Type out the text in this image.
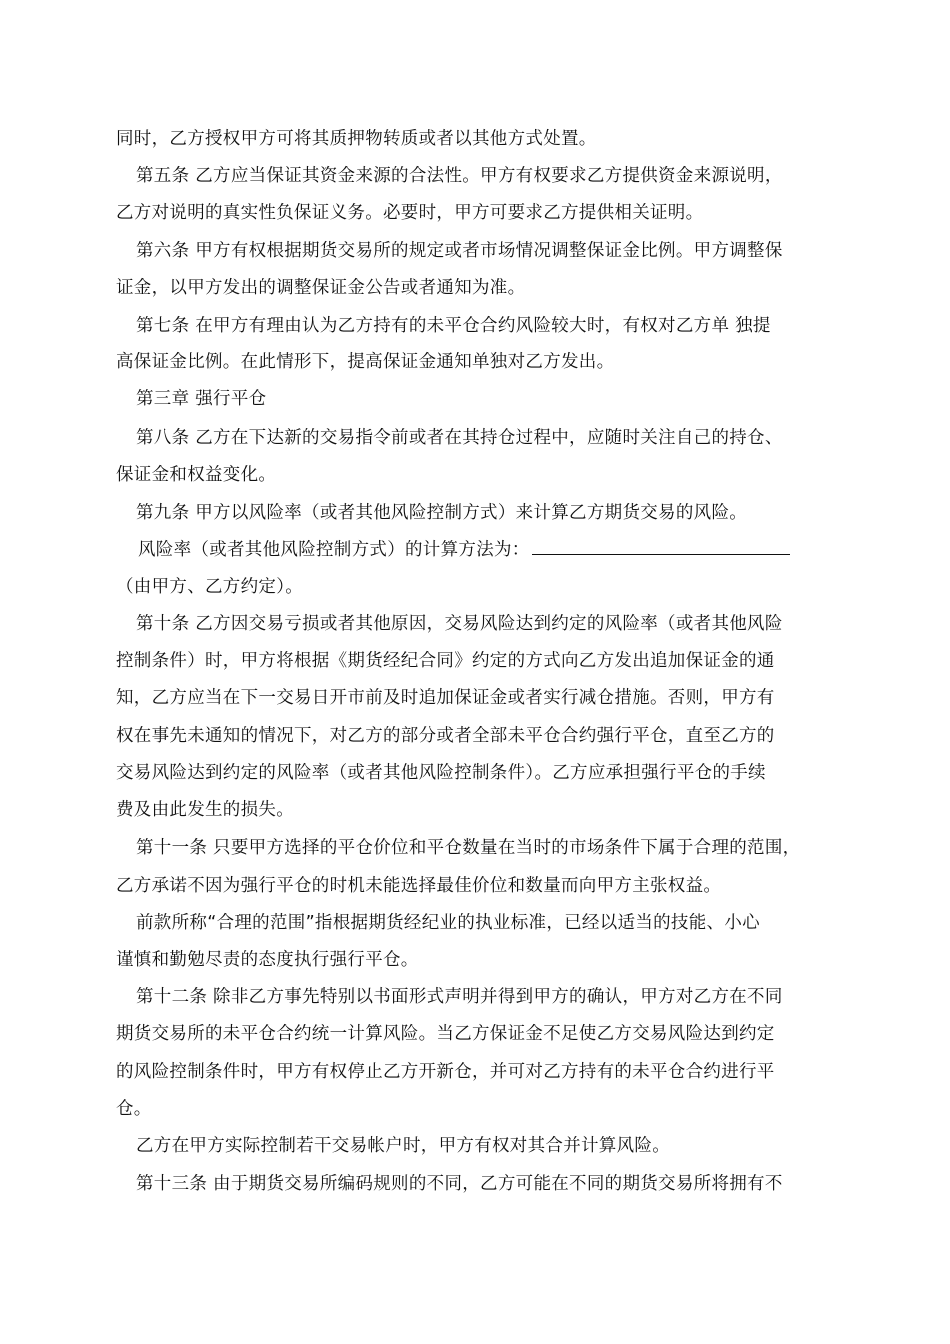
同时，乙方授权甲方可将其质押物转质或者以其他方式处置。
第五条 乙方应当保证其资金来源的合法性。甲方有权要求乙方提供资金来源说明，
乙方对说明的真实性负保证义务。必要时，甲方可要求乙方提供相关证明。
第六条 甲方有权根据期货交易所的规定或者市场情况调整保证金比例。甲方调整保
证金，以甲方发出的调整保证金公告或者通知为准。
第七条 在甲方有理由认为乙方持有的未平仓合约风险较大时，有权对乙方单 独提
高保证金比例。在此情形下，提高保证金通知单独对乙方发出。
第三章 强行平仓
第八条 乙方在下达新的交易指令前或者在其持仓过程中，应随时关注自己的持仓、
保证金和权益变化。
第九条 甲方以风险率（或者其他风险控制方式）来计算乙方期货交易的风险。
风险率（或者其他风险控制方式）的计算方法为：
（由甲方、乙方约定）。
第十条 乙方因交易亏损或者其他原因，交易风险达到约定的风险率（或者其他风险
控制条件）时，甲方将根据《期货经纪合同》约定的方式向乙方发出追加保证金的通
知，乙方应当在下一交易日开市前及时追加保证金或者实行减仓措施。否则，甲方有
权在事先未通知的情况下，对乙方的部分或者全部未平仓合约强行平仓，直至乙方的
交易风险达到约定的风险率（或者其他风险控制条件）。乙方应承担强行平仓的手续
费及由此发生的损失。
第十一条 只要甲方选择的平仓价位和平仓数量在当时的市场条件下属于合理的范围，
乙方承诺不因为强行平仓的时机未能选择最佳价位和数量而向甲方主张权益。
前款所称“合理的范围”指根据期货经纪业的执业标准，已经以适当的技能、小心
谨慎和勤勉尽责的态度执行强行平仓。
第十二条 除非乙方事先特别以书面形式声明并得到甲方的确认，甲方对乙方在不同
期货交易所的未平仓合约统一计算风险。当乙方保证金不足使乙方交易风险达到约定
的风险控制条件时，甲方有权停止乙方开新仓，并可对乙方持有的未平仓合约进行平
仓。
乙方在甲方实际控制若干交易帐户时，甲方有权对其合并计算风险。
第十三条 由于期货交易所编码规则的不同，乙方可能在不同的期货交易所将拥有不
